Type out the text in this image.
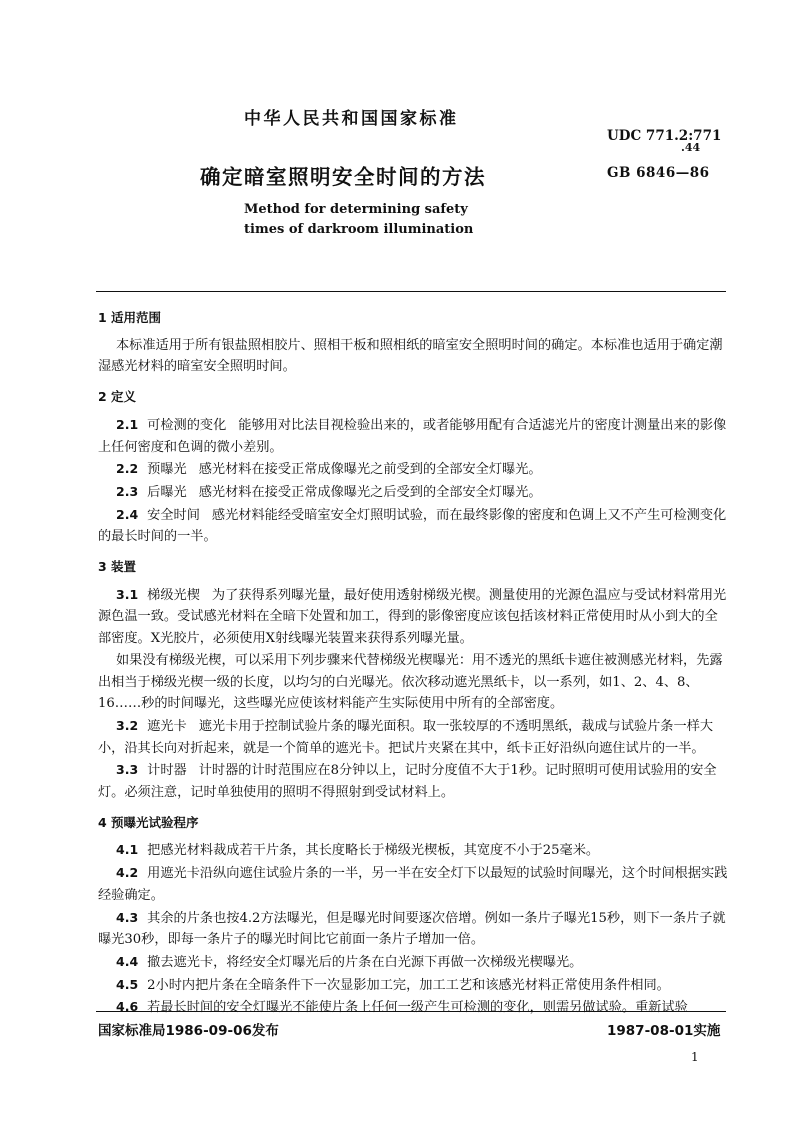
中华人民共和国国家标准
UDC 771.2:771
.44
确定暗室照明安全时间的方法	GB 6846—86
Method for determining safety
times of darkroom illumination

1 适用范围

本标准适用于所有银盐照相胶片、照相干板和照相纸的暗室安全照明时间的确定。本标准也适用于确定潮湿感光材料的暗室安全照明时间。

2 定义

2.1 可检测的变化 能够用对比法目视检验出来的，或者能够用配有合适滤光片的密度计测量出来的影像上任何密度和色调的微小差别。

2.2 预曝光 感光材料在接受正常成像曝光之前受到的全部安全灯曝光。

2.3 后曝光 感光材料在接受正常成像曝光之后受到的全部安全灯曝光。

2.4 安全时间 感光材料能经受暗室安全灯照明试验，而在最终影像的密度和色调上又不产生可检测变化的最长时间的一半。

3 装置

3.1 梯级光楔 为了获得系列曝光量，最好使用透射梯级光楔。测量使用的光源色温应与受试材料常用光源色温一致。受试感光材料在全暗下处置和加工，得到的影像密度应该包括该材料正常使用时从小到大的全部密度。X光胶片，必须使用X射线曝光装置来获得系列曝光量。

如果没有梯级光楔，可以采用下列步骤来代替梯级光楔曝光：用不透光的黑纸卡遮住被测感光材料，先露出相当于梯级光楔一级的长度，以均匀的白光曝光。依次移动遮光黑纸卡，以一系列，如1、2、4、8、16……秒的时间曝光，这些曝光应使该材料能产生实际使用中所有的全部密度。

3.2 遮光卡 遮光卡用于控制试验片条的曝光面积。取一张较厚的不透明黑纸，裁成与试验片条一样大小，沿其长向对折起来，就是一个简单的遮光卡。把试片夹紧在其中，纸卡正好沿纵向遮住试片的一半。

3.3 计时器 计时器的计时范围应在8分钟以上，记时分度值不大于1秒。记时照明可使用试验用的安全灯。必须注意，记时单独使用的照明不得照射到受试材料上。

4 预曝光试验程序

4.1 把感光材料裁成若干片条，其长度略长于梯级光楔板，其宽度不小于25毫米。

4.2 用遮光卡沿纵向遮住试验片条的一半，另一半在安全灯下以最短的试验时间曝光，这个时间根据实践经验确定。

4.3 其余的片条也按4.2方法曝光，但是曝光时间要逐次倍增。例如一条片子曝光15秒，则下一条片子就曝光30秒，即每一条片子的曝光时间比它前面一条片子增加一倍。

4.4 撤去遮光卡，将经安全灯曝光后的片条在白光源下再做一次梯级光楔曝光。

4.5 2小时内把片条在全暗条件下一次显影加工完，加工工艺和该感光材料正常使用条件相同。

4.6 若最长时间的安全灯曝光不能使片条上任何一级产生可检测的变化，则需另做试验。重新试验

国家标准局1986-09-06发布	1987-08-01实施
1
